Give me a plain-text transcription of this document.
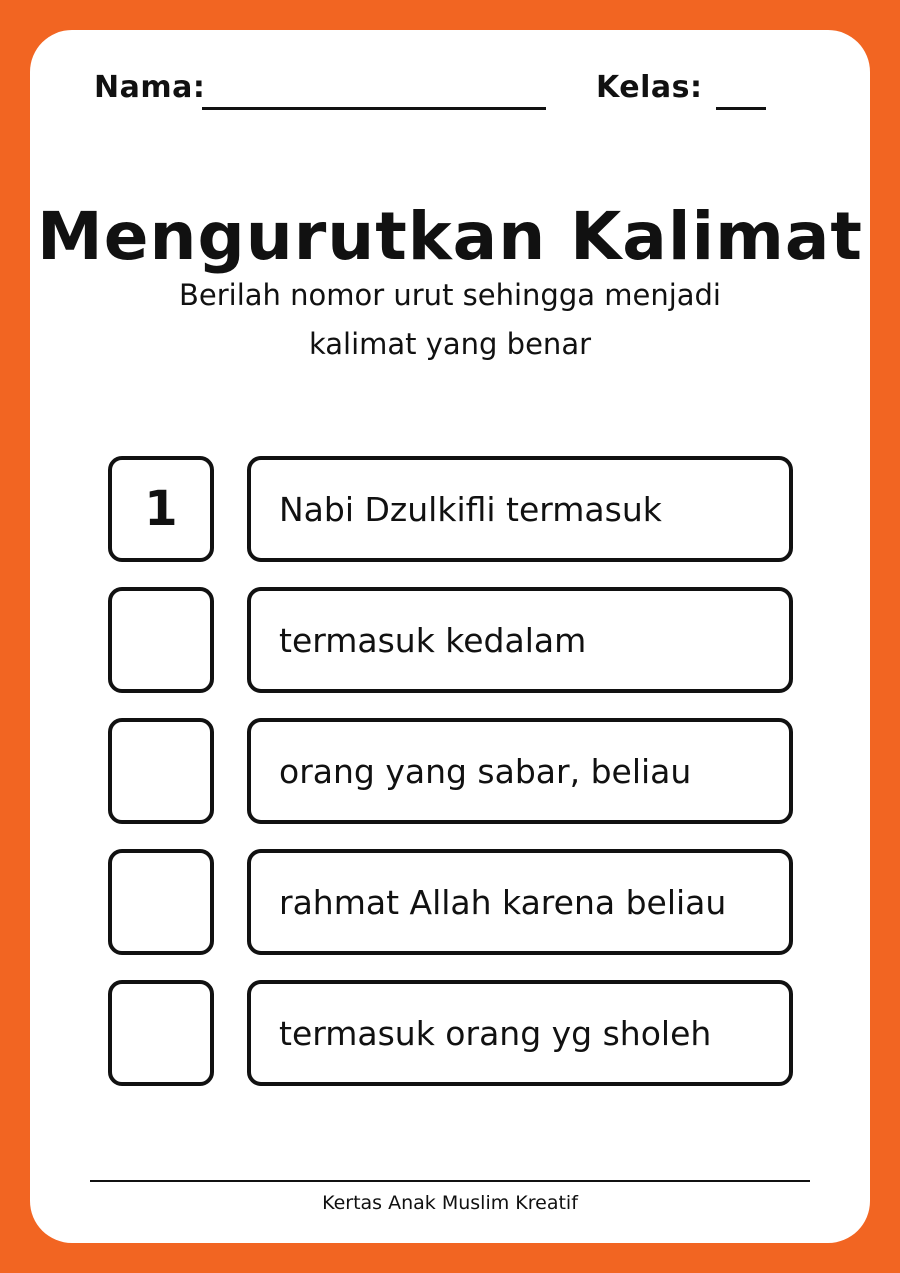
Nama:	Kelas:
Mengurutkan Kalimat
Berilah nomor urut sehingga menjadi
kalimat yang benar
1	Nabi Dzulkifli termasuk
termasuk kedalam
orang yang sabar, beliau
rahmat Allah karena beliau
termasuk orang yg sholeh
Kertas Anak Muslim Kreatif
